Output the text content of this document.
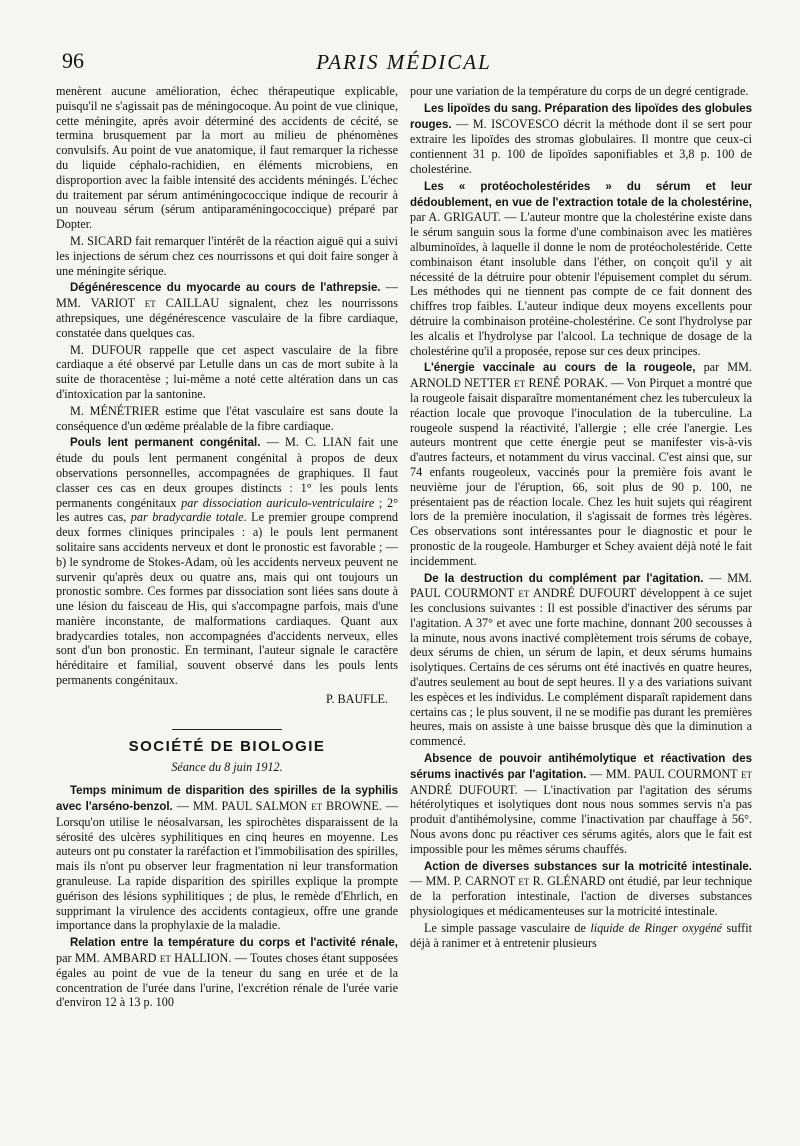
96	PARIS MÉDICAL

menèrent aucune amélioration, échec thérapeutique explicable, puisqu'il ne s'agissait pas de méningocoque. Au point de vue clinique, cette méningite, après avoir déterminé des accidents de cécité, se termina brusquement par la mort au milieu de phénomènes convulsifs. Au point de vue anatomique, il faut remarquer la richesse du liquide céphalo-rachidien, en éléments microbiens, en disproportion avec la faible intensité des accidents méningés. L'échec du traitement par sérum antiméningococcique indique de recourir à un nouveau sérum (sérum antiparaméningococcique) préparé par Dopter.

M. SICARD fait remarquer l'intérêt de la réaction aiguë qui a suivi les injections de sérum chez ces nourrissons et qui doit faire songer à une méningite sérique.

Dégénérescence du myocarde au cours de l'athrepsie. — MM. VARIOT et CAILLAU signalent, chez les nourrissons athrepsiques, une dégénérescence vasculaire de la fibre cardiaque, constatée dans quelques cas.

M. DUFOUR rappelle que cet aspect vasculaire de la fibre cardiaque a été observé par Letulle dans un cas de mort subite à la suite de thoracentèse ; lui-même a noté cette altération dans un cas d'intoxication par la santonine.

M. MÉNÉTRIER estime que l'état vasculaire est sans doute la conséquence d'un œdème préalable de la fibre cardiaque.

Pouls lent permanent congénital. — M. C. LIAN fait une étude du pouls lent permanent congénital à propos de deux observations personnelles, accompagnées de graphiques. Il faut classer ces cas en deux groupes distincts : 1° les pouls lents permanents congénitaux par dissociation auriculo-ventriculaire ; 2° les autres cas, par bradycardie totale. Le premier groupe comprend deux formes cliniques principales : a) le pouls lent permanent solitaire sans accidents nerveux et dont le pronostic est favorable ; — b) le syndrome de Stokes-Adam, où les accidents nerveux peuvent ne survenir qu'après deux ou quatre ans, mais qui ont toujours un pronostic sombre. Ces formes par dissociation sont liées sans doute à une lésion du faisceau de His, qui s'accompagne parfois, mais d'une manière inconstante, de malformations cardiaques. Quant aux bradycardies totales, non accompagnées d'accidents nerveux, elles sont d'un bon pronostic. En terminant, l'auteur signale le caractère héréditaire et familial, souvent observé dans les pouls lents permanents congénitaux.

P. BAUFLE.

SOCIÉTÉ DE BIOLOGIE
Séance du 8 juin 1912.

Temps minimum de disparition des spirilles de la syphilis avec l'arséno-benzol. — MM. PAUL SALMON et BROWNE. — Lorsqu'on utilise le néosalvarsan, les spirochètes disparaissent de la sérosité des ulcères syphilitiques en cinq heures en moyenne. Les auteurs ont pu constater la raréfaction et l'immobilisation des spirilles, mais ils n'ont pu observer leur fragmentation ni leur transformation granuleuse. La rapide disparition des spirilles explique la prompte guérison des lésions syphilitiques ; de plus, le remède d'Ehrlich, en supprimant la virulence des accidents contagieux, offre une grande importance dans la prophylaxie de la maladie.

Relation entre la température du corps et l'activité rénale, par MM. AMBARD et HALLION. — Toutes choses étant supposées égales au point de vue de la teneur du sang en urée et de la concentration de l'urée dans l'urine, l'excrétion rénale de l'urée varie d'environ 12 à 13 p. 100

pour une variation de la température du corps de un degré centigrade.

Les lipoïdes du sang. Préparation des lipoïdes des globules rouges. — M. ISCOVESCO décrit la méthode dont il se sert pour extraire les lipoïdes des stromas globulaires. Il montre que ceux-ci contiennent 31 p. 100 de lipoïdes saponifiables et 3,8 p. 100 de cholestérine.

Les « protéocholestérides » du sérum et leur dédoublement, en vue de l'extraction totale de la cholestérine, par A. GRIGAUT. — L'auteur montre que la cholestérine existe dans le sérum sanguin sous la forme d'une combinaison avec les matières albuminoïdes, à laquelle il donne le nom de protéocholestéride. Cette combinaison étant insoluble dans l'éther, on conçoit qu'il y ait nécessité de la détruire pour obtenir l'épuisement complet du sérum. Les méthodes qui ne tiennent pas compte de ce fait donnent des chiffres trop faibles. L'auteur indique deux moyens excellents pour détruire la combinaison protéine-cholestérine. Ce sont l'hydrolyse par les alcalis et l'hydrolyse par l'alcool. La technique de dosage de la cholestérine qu'il a proposée, repose sur ces deux principes.

L'énergie vaccinale au cours de la rougeole, par MM. ARNOLD NETTER et RENÉ PORAK. — Von Pirquet a montré que la rougeole faisait disparaître momentanément chez les tuberculeux la réaction locale que provoque l'inoculation de la tuberculine. La rougeole suspend la réactivité, l'allergie ; elle crée l'anergie. Les auteurs montrent que cette énergie peut se manifester vis-à-vis d'autres facteurs, et notamment du virus vaccinal. C'est ainsi que, sur 74 enfants rougeoleux, vaccinés pour la première fois avant le neuvième jour de l'éruption, 66, soit plus de 90 p. 100, ne présentaient pas de réaction locale. Chez les huit sujets qui réagirent lors de la première inoculation, il s'agissait de formes très légères. Ces observations sont intéressantes pour le diagnostic et pour le pronostic de la rougeole. Hamburger et Schey avaient déjà noté le fait incidemment.

De la destruction du complément par l'agitation. — MM. PAUL COURMONT et ANDRÉ DUFOURT développent à ce sujet les conclusions suivantes : Il est possible d'inactiver des sérums par l'agitation. A 37° et avec une forte machine, donnant 200 secousses à la minute, nous avons inactivé complètement trois sérums de cobaye, deux sérums de chien, un sérum de lapin, et deux sérums humains isolytiques. Certains de ces sérums ont été inactivés en quatre heures, d'autres seulement au bout de sept heures. Il y a des variations suivant les espèces et les individus. Le complément disparaît rapidement dans certains cas ; le plus souvent, il ne se modifie pas durant les premières heures, mais on assiste à une baisse brusque dès que la diminution a commencé.

Absence de pouvoir antihémolytique et réactivation des sérums inactivés par l'agitation. — MM. PAUL COURMONT et ANDRÉ DUFOURT. — L'inactivation par l'agitation des sérums hétérolytiques et isolytiques dont nous nous sommes servis n'a pas produit d'antihémolysine, comme l'inactivation par chauffage à 56°. Nous avons donc pu réactiver ces sérums agités, alors que le fait est impossible pour les mêmes sérums chauffés.

Action de diverses substances sur la motricité intestinale. — MM. P. CARNOT et R. GLÉNARD ont étudié, par leur technique de la perforation intestinale, l'action de diverses substances physiologiques et médicamenteuses sur la motricité intestinale.

Le simple passage vasculaire de liquide de Ringer oxygéné suffit déjà à ranimer et à entretenir plusieurs
